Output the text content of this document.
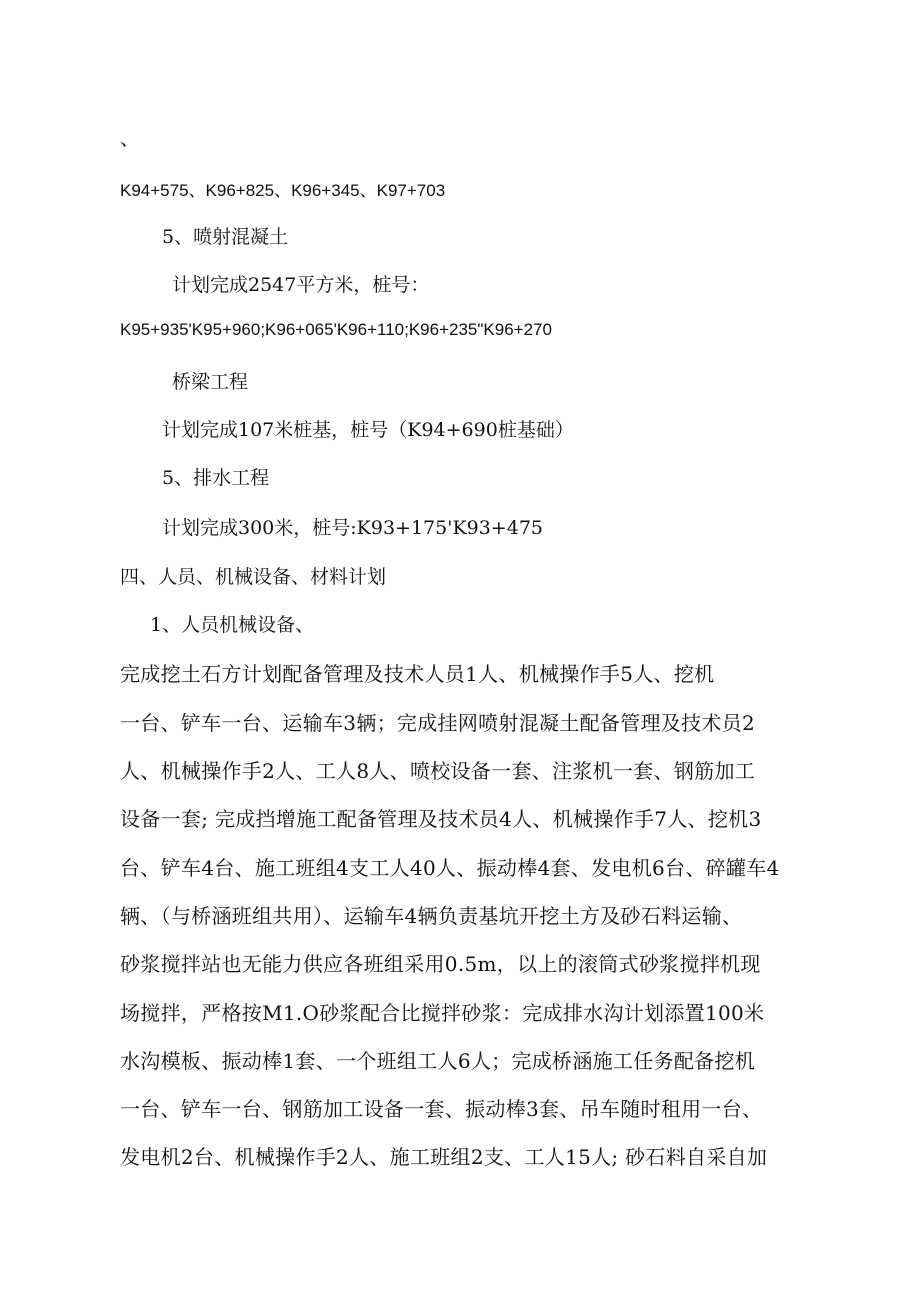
、

K94+575、K96+825、K96+345、K97+703

5、喷射混凝土

计划完成2547平方米，桩号：

K95+935'K95+960;K96+065'K96+110;K96+235"K96+270

桥梁工程

计划完成107米桩基，桩号（K94+690桩基础）

5、排水工程

计划完成300米，桩号:K93+175'K93+475

四、人员、机械设备、材料计划

1、人员机械设备、

完成挖土石方计划配备管理及技术人员1人、机械操作手5人、挖机

一台、铲车一台、运输车3辆；完成挂网喷射混凝土配备管理及技术员2

人、机械操作手2人、工人8人、喷校设备一套、注浆机一套、钢筋加工

设备一套; 完成挡增施工配备管理及技术员4人、机械操作手7人、挖机3

台、铲车4台、施工班组4支工人40人、振动棒4套、发电机6台、碎罐车4

辆、（与桥涵班组共用）、运输车4辆负责基坑开挖土方及砂石料运输、

砂浆搅拌站也无能力供应各班组采用0.5m，以上的滚筒式砂浆搅拌机现

场搅拌，严格按M1.O砂浆配合比搅拌砂浆：完成排水沟计划添置100米

水沟模板、振动棒1套、一个班组工人6人；完成桥涵施工任务配备挖机

一台、铲车一台、钢筋加工设备一套、振动棒3套、吊车随时租用一台、

发电机2台、机械操作手2人、施工班组2支、工人15人; 砂石料自采自加
